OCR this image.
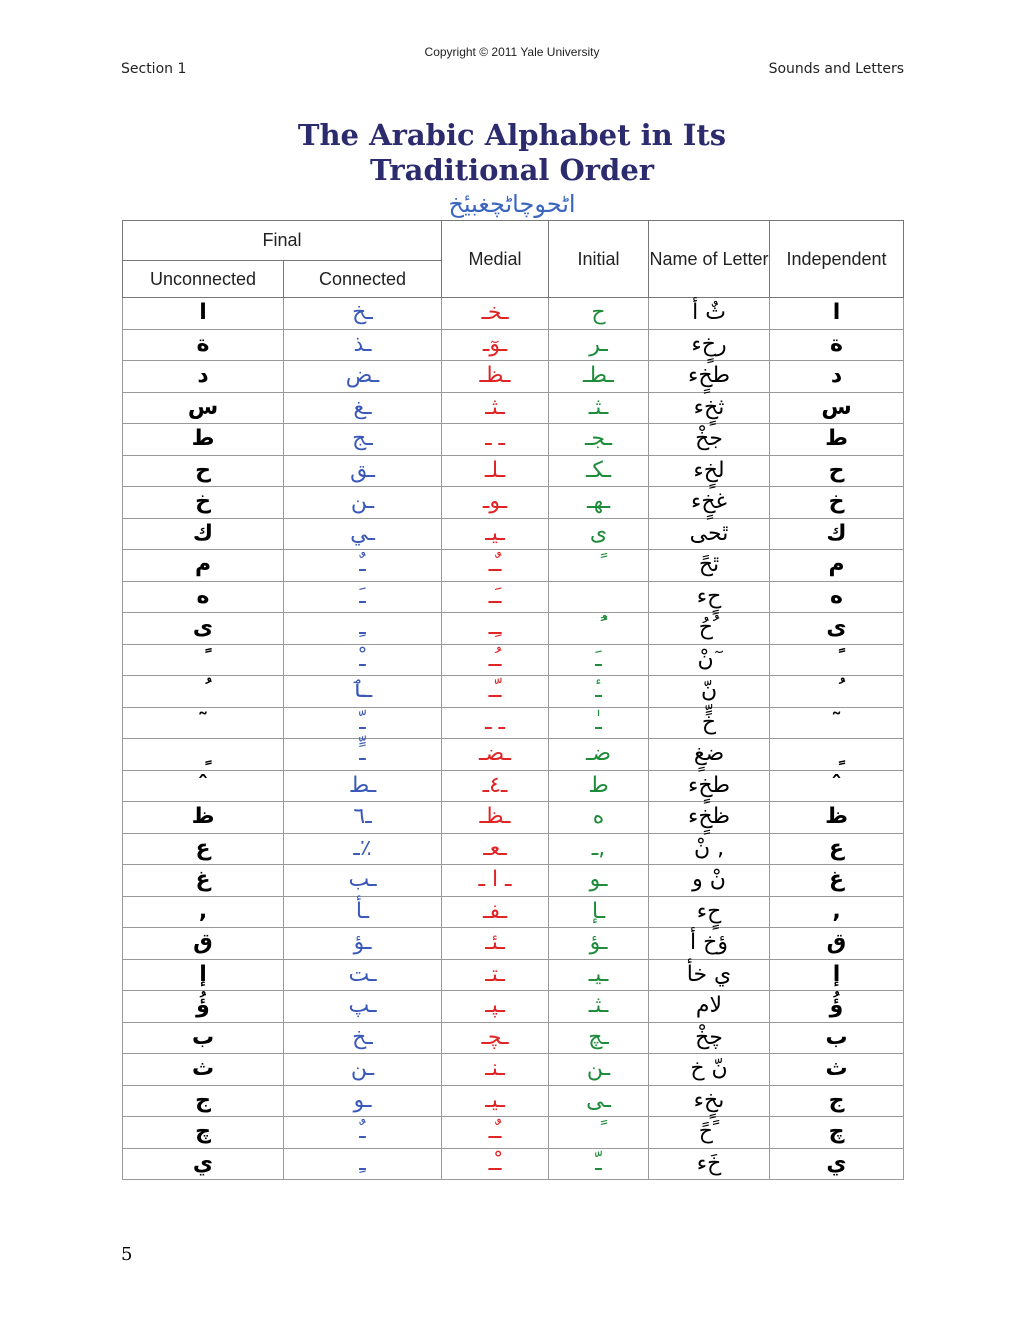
Copyright © 2011 Yale University
Section 1	Sounds and Letters
The Arabic Alphabet in Its
Traditional Order
اٹحوچاٹچغبیٔخ
Final		Medial	Initial	Name of Letter	Independent
Unconnected	Connected				
ا	ـخ	ـخـ	ح	ثٌ أ	ا
ة	ـذ	ـوٓـ	ـر	رخٍء	ة
د	ـض	ـظـ	ـطـ	طخٍء	د
س	ـغ	ـثـ	ـثـ	ثخٍء	س
ط	ـج	ـ ـ	ـجـ	جخْ	ط
ح	ـق	ـلـ	ـكـ	لخٍء	ح
خ	ـن	ـوـ	ـهـ	غخٍء	خ
ك	ـي	ـيـ	ى	ٿحى	ك
م	ـٌ	ـٌـ		ٿحً	م
ه	ـَ	ـَـ		حٍء	ه
ى	ـِ	ـِـ		حُ ُ	ى
	ـْ	ـُـ	ـَ	نْ ٓ	
	ـٱ	ـّـ	ـٔ	نّ	
˜	ـّ	ـ ـ	ـٰ	خٍّ	˜
	ـٍّ	ـضـ	ضـ	ضغٍ	
ˆ	ـط	ـ٤ـ	ط	طخٍء	ˆ
ظ	ـ٦	ـظـ	ه	ظخٍء	ظ
ع	ـ٪	ـعـ	ـ,	نْ ,	ع
غ	ـب	ـ ا ـ	ـو	نْ و	غ
,	ـأ	ـفـ	ـإ	حٍء	,
ق	ـؤ	ـئـ	ـؤ	ؤخ أ	ق
إ	ـت	ـتـ	ـيـ	ي خأ	إ
ؤُ	ـپ	ـپـ	ـثـ	لام	ؤُ
ب	ـخ	ـچـ	ـچ	چخْ	ب
ث	ـن	ـنـ	ـن	نّ خ	ث
ج	ـو	ـيـ	ـى	ىخٍء	ج
چ	ـٌ	ـٌـ		حً ً	چ
ي	ـِ	ـْـ	ـّ	خَء	ي
5
